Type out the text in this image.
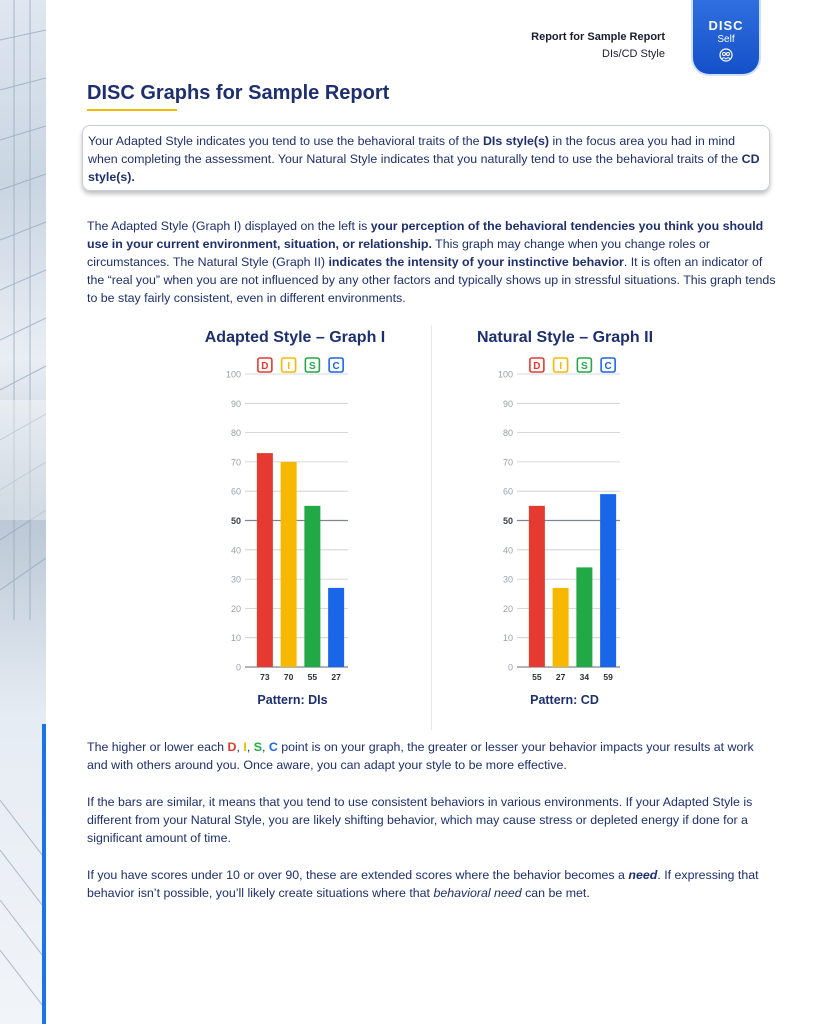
Report for Sample Report
DIs/CD Style
DISC
Self
DISC Graphs for Sample Report
Your Adapted Style indicates you tend to use the behavioral traits of the DIs style(s) in the focus area you had in mind when completing the assessment. Your Natural Style indicates that you naturally tend to use the behavioral traits of the CD style(s).
The Adapted Style (Graph I) displayed on the left is your perception of the behavioral tendencies you think you should use in your current environment, situation, or relationship. This graph may change when you change roles or circumstances. The Natural Style (Graph II) indicates the intensity of your instinctive behavior. It is often an indicator of the “real you” when you are not influenced by any other factors and typically shows up in stressful situations. This graph tends to be stay fairly consistent, even in different environments.
Adapted Style – Graph I	Natural Style – Graph II
0
10
20
30
40
50
60
70
80
90
100
D
73
I
70
S
55
C
27
0
10
20
30
40
50
60
70
80
90
100
D
55
I
27
S
34
C
59
Pattern: DIs	Pattern: CD
The higher or lower each D, I, S, C point is on your graph, the greater or lesser your behavior impacts your results at work and with others around you. Once aware, you can adapt your style to be more effective.
If the bars are similar, it means that you tend to use consistent behaviors in various environments. If your Adapted Style is different from your Natural Style, you are likely shifting behavior, which may cause stress or depleted energy if done for a significant amount of time.
If you have scores under 10 or over 90, these are extended scores where the behavior becomes a need. If expressing that behavior isn’t possible, you’ll likely create situations where that behavioral need can be met.
